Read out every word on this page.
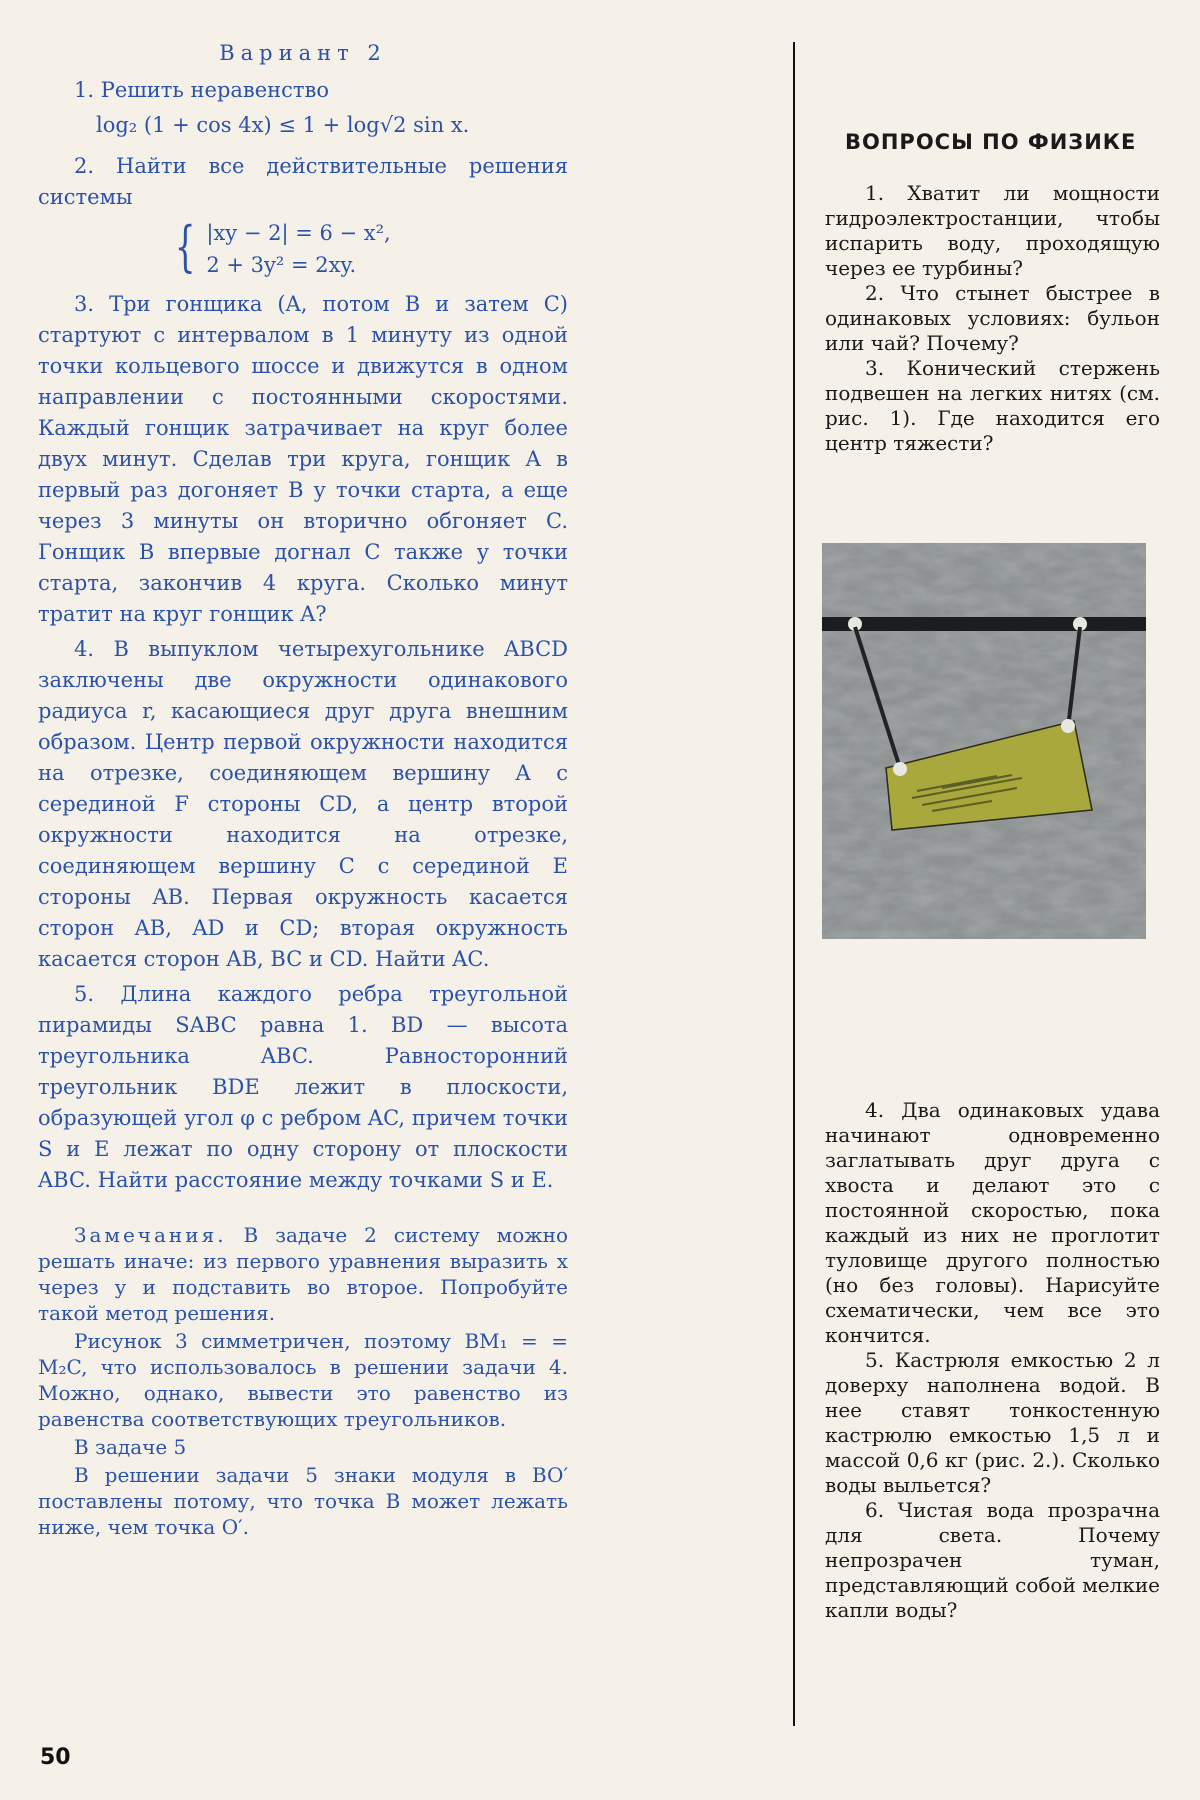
Вариант 2

1. Решить неравенство

log₂ (1 + cos 4x) ≤ 1 + log√2 sin x.

2. Найти все действительные решения системы

{ |xy − 2| = 6 − x²,
2 + 3y² = 2xy.

3. Три гонщика (A, потом B и затем C) стартуют с интервалом в 1 минуту из одной точки кольцевого шоссе и движутся в одном направлении с постоянными скоростями. Каждый гонщик затрачивает на круг более двух минут. Сделав три круга, гонщик A в первый раз догоняет B у точки старта, а еще через 3 минуты он вторично обгоняет C. Гонщик B впервые догнал C также у точки старта, закончив 4 круга. Сколько минут тратит на круг гонщик A?

4. В выпуклом четырехугольнике ABCD заключены две окружности одинакового радиуса r, касающиеся друг друга внешним образом. Центр первой окружности находится на отрезке, соединяющем вершину A с серединой F стороны CD, а центр второй окружности находится на отрезке, соединяющем вершину C с серединой E стороны AB. Первая окружность касается сторон AB, AD и CD; вторая окружность касается сторон AB, BC и CD. Найти AC.

5. Длина каждого ребра треугольной пирамиды SABC равна 1. BD — высота треугольника ABC. Равносторонний треугольник BDE лежит в плоскости, образующей угол φ с ребром AC, причем точки S и E лежат по одну сторону от плоскости ABC. Найти расстояние между точками S и E.

Замечания. В задаче 2 систему можно решать иначе: из первого уравнения выразить x через y и подставить во второе. Попробуйте такой метод решения.

Рисунок 3 симметричен, поэтому BM₁ = = M₂C, что использовалось в решении задачи 4. Можно, однако, вывести это равенство из равенства соответствующих треугольников.

В задаче 5

В решении задачи 5 знаки модуля в BO′ поставлены потому, что точка B может лежать ниже, чем точка O′.

ВОПРОСЫ ПО ФИЗИКЕ

1. Хватит ли мощности гидроэлектростанции, чтобы испарить воду, проходящую через ее турбины?

2. Что стынет быстрее в одинаковых условиях: бульон или чай? Почему?

3. Конический стержень подвешен на легких нитях (см. рис. 1). Где находится его центр тяжести?

4. Два одинаковых удава начинают одновременно заглатывать друг друга с хвоста и делают это с постоянной скоростью, пока каждый из них не проглотит туловище другого полностью (но без головы). Нарисуйте схематически, чем все это кончится.

5. Кастрюля емкостью 2 л доверху наполнена водой. В нее ставят тонкостенную кастрюлю емкостью 1,5 л и массой 0,6 кг (рис. 2.). Сколько воды выльется?

6. Чистая вода прозрачна для света. Почему непрозрачен туман, представляющий собой мелкие капли воды?

50
